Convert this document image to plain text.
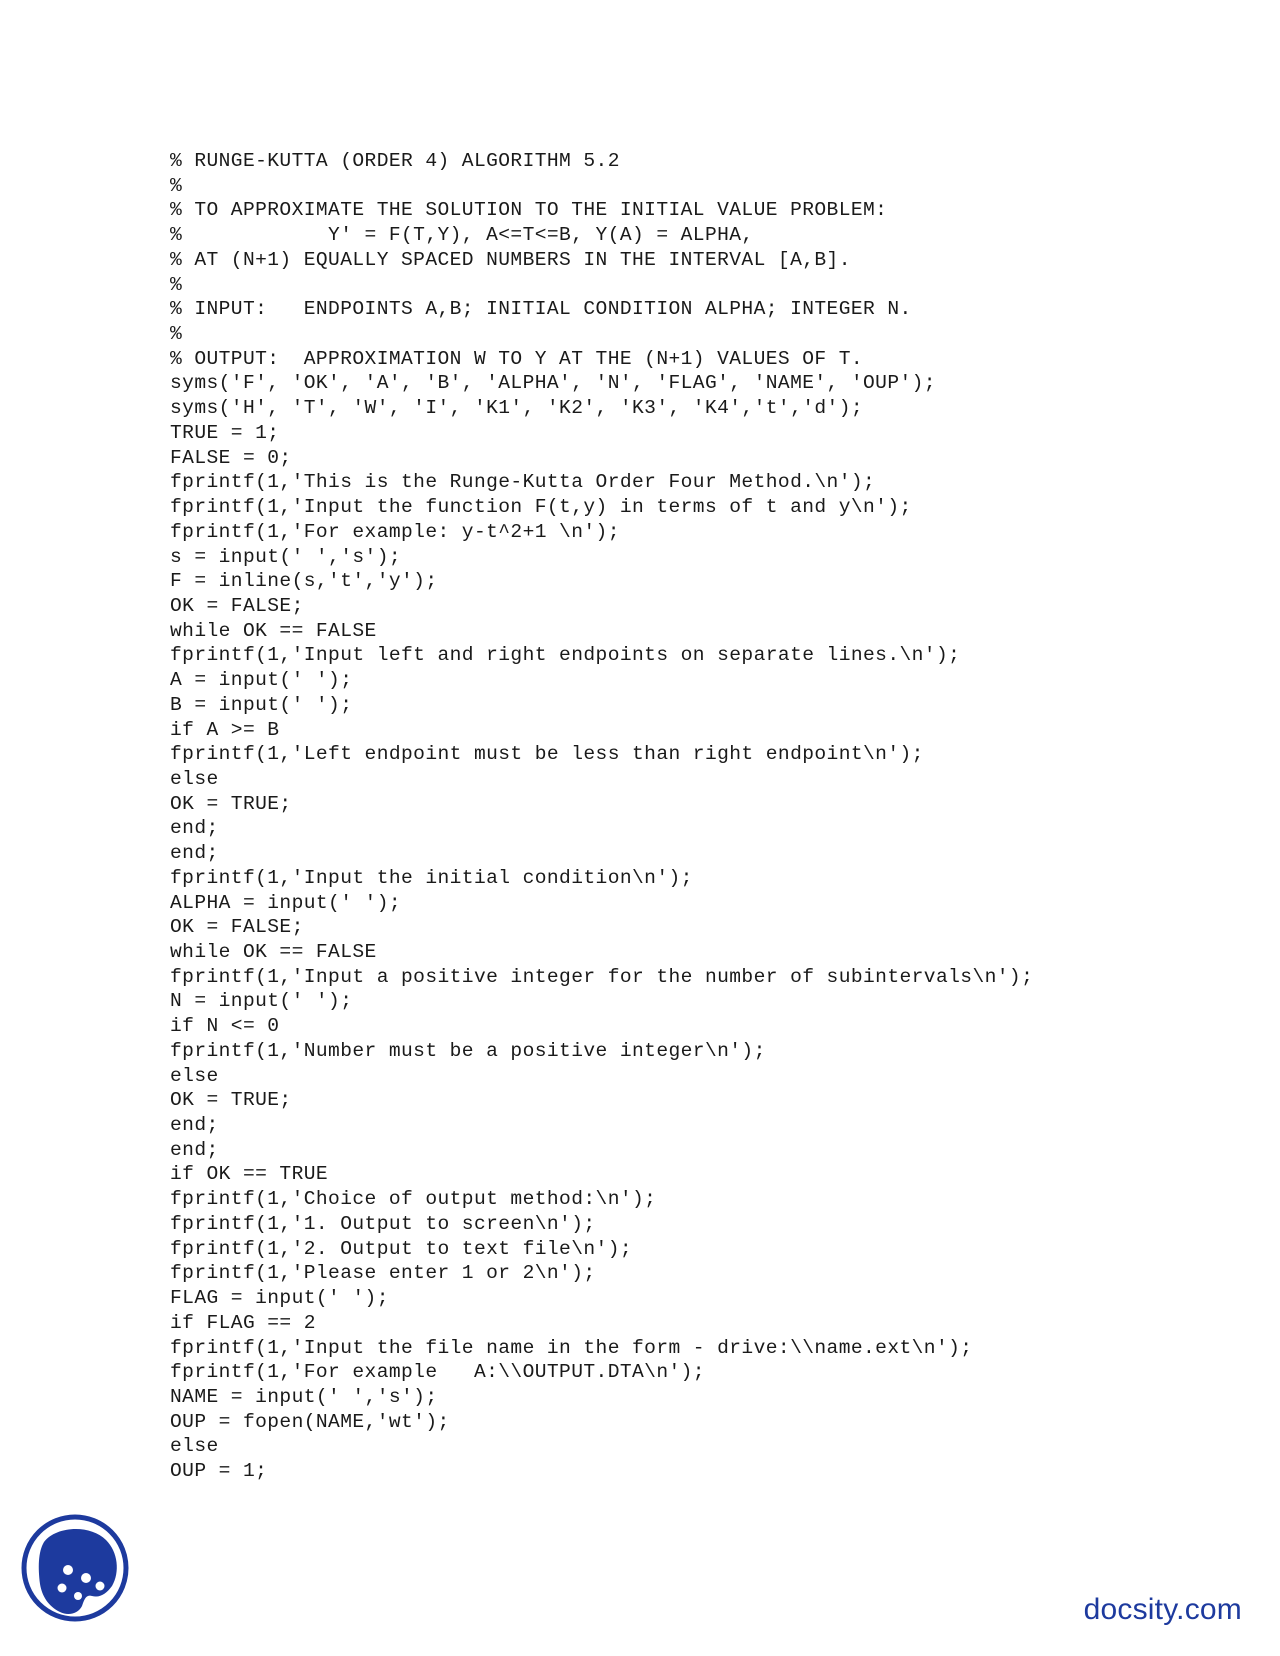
% RUNGE-KUTTA (ORDER 4) ALGORITHM 5.2
%
% TO APPROXIMATE THE SOLUTION TO THE INITIAL VALUE PROBLEM:
%            Y' = F(T,Y), A<=T<=B, Y(A) = ALPHA,
% AT (N+1) EQUALLY SPACED NUMBERS IN THE INTERVAL [A,B].
%
% INPUT:   ENDPOINTS A,B; INITIAL CONDITION ALPHA; INTEGER N.
%
% OUTPUT:  APPROXIMATION W TO Y AT THE (N+1) VALUES OF T.
syms('F', 'OK', 'A', 'B', 'ALPHA', 'N', 'FLAG', 'NAME', 'OUP');
syms('H', 'T', 'W', 'I', 'K1', 'K2', 'K3', 'K4','t','d');
TRUE = 1;
FALSE = 0;
fprintf(1,'This is the Runge-Kutta Order Four Method.\n');
fprintf(1,'Input the function F(t,y) in terms of t and y\n');
fprintf(1,'For example: y-t^2+1 \n');
s = input(' ','s');
F = inline(s,'t','y');
OK = FALSE;
while OK == FALSE
fprintf(1,'Input left and right endpoints on separate lines.\n');
A = input(' ');
B = input(' ');
if A >= B
fprintf(1,'Left endpoint must be less than right endpoint\n');
else
OK = TRUE;
end;
end;
fprintf(1,'Input the initial condition\n');
ALPHA = input(' ');
OK = FALSE;
while OK == FALSE
fprintf(1,'Input a positive integer for the number of subintervals\n');
N = input(' ');
if N <= 0
fprintf(1,'Number must be a positive integer\n');
else
OK = TRUE;
end;
end;
if OK == TRUE
fprintf(1,'Choice of output method:\n');
fprintf(1,'1. Output to screen\n');
fprintf(1,'2. Output to text file\n');
fprintf(1,'Please enter 1 or 2\n');
FLAG = input(' ');
if FLAG == 2
fprintf(1,'Input the file name in the form - drive:\\name.ext\n');
fprintf(1,'For example   A:\\OUTPUT.DTA\n');
NAME = input(' ','s');
OUP = fopen(NAME,'wt');
else
OUP = 1;
docsity.com
